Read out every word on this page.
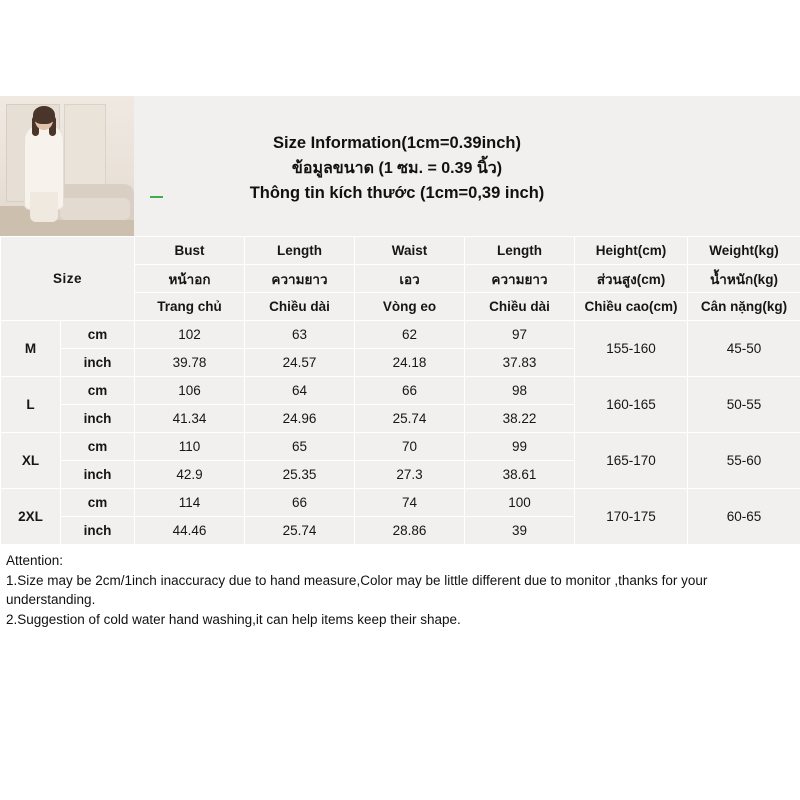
Size Information(1cm=0.39inch)
ข้อมูลขนาด (1 ซม. = 0.39 นิ้ว)
Thông tin kích thước (1cm=0,39 inch)
Size		Bust	Length	Waist	Length	Height(cm)	Weight(kg)
		หน้าอก	ความยาว	เอว	ความยาว	ส่วนสูง(cm)	น้ำหนัก(kg)
		Trang chủ	Chiều dài	Vòng eo	Chiều dài	Chiều cao(cm)	Cân nặng(kg)
M	cm	102	63	62	97	155-160	45-50
	inch	39.78	24.57	24.18	37.83		
L	cm	106	64	66	98	160-165	50-55
	inch	41.34	24.96	25.74	38.22		
XL	cm	110	65	70	99	165-170	55-60
	inch	42.9	25.35	27.3	38.61		
2XL	cm	114	66	74	100	170-175	60-65
	inch	44.46	25.74	28.86	39		
Attention:
1.Size may be 2cm/1inch inaccuracy due to hand measure,Color may be little different due to monitor ,thanks for your understanding.
2.Suggestion of cold water hand washing,it can help items keep their shape.
